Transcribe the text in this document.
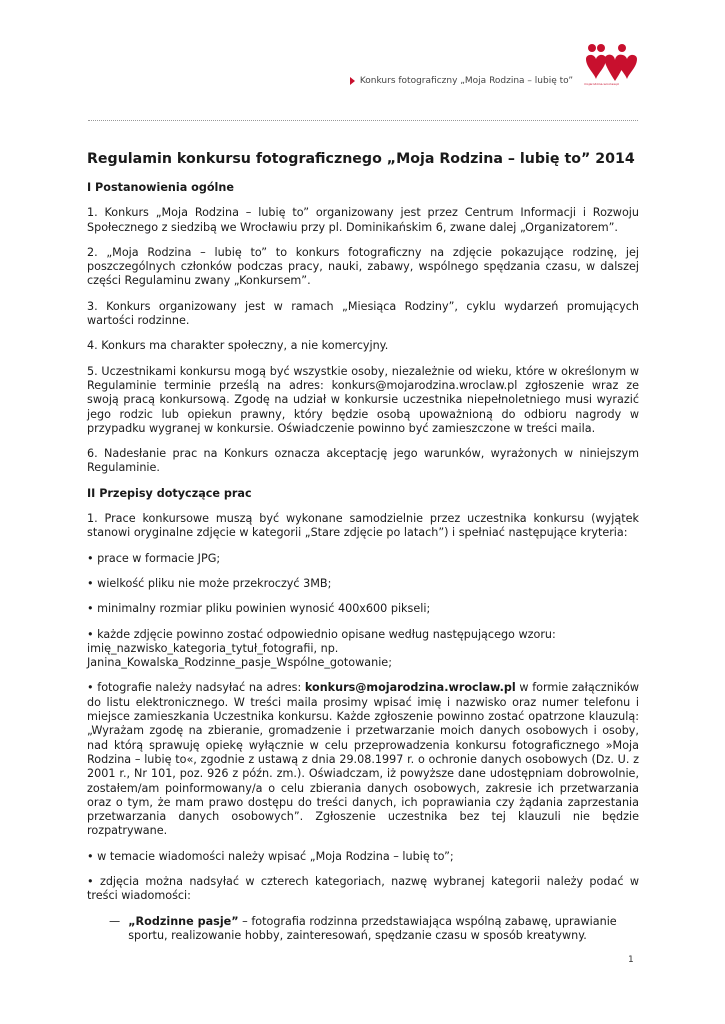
mojarodzina.wroclaw.pl
Konkurs fotograficzny „Moja Rodzina – lubię to”
Regulamin konkursu fotograficznego „Moja Rodzina – lubię to” 2014
I Postanowienia ogólne

1. Konkurs „Moja Rodzina – lubię to” organizowany jest przez Centrum Informacji i Rozwoju Społecznego z siedzibą we Wrocławiu przy pl. Dominikańskim 6, zwane dalej „Organizatorem”.

2. „Moja Rodzina – lubię to” to konkurs fotograficzny na zdjęcie pokazujące rodzinę, jej poszczególnych członków podczas pracy, nauki, zabawy, wspólnego spędzania czasu, w dalszej części Regulaminu zwany „Konkursem”.

3. Konkurs organizowany jest w ramach „Miesiąca Rodziny”, cyklu wydarzeń promujących wartości rodzinne.

4. Konkurs ma charakter społeczny, a nie komercyjny.

5. Uczestnikami konkursu mogą być wszystkie osoby, niezależnie od wieku, które w określonym w Regulaminie terminie prześlą na adres: konkurs@mojarodzina.wroclaw.pl zgłoszenie wraz ze swoją pracą konkursową. Zgodę na udział w konkursie uczestnika niepełnoletniego musi wyrazić jego rodzic lub opiekun prawny, który będzie osobą upoważnioną do odbioru nagrody w przypadku wygranej w konkursie. Oświadczenie powinno być zamieszczone w treści maila.

6. Nadesłanie prac na Konkurs oznacza akceptację jego warunków, wyrażonych w niniejszym Regulaminie.

II Przepisy dotyczące prac

1. Prace konkursowe muszą być wykonane samodzielnie przez uczestnika konkursu (wyjątek stanowi oryginalne zdjęcie w kategorii „Stare zdjęcie po latach”) i spełniać następujące kryteria:

• prace w formacie JPG;

• wielkość pliku nie może przekroczyć 3MB;

• minimalny rozmiar pliku powinien wynosić 400x600 pikseli;

• każde zdjęcie powinno zostać odpowiednio opisane według następującego wzoru:
imię_nazwisko_kategoria_tytuł_fotografii, np.
Janina_Kowalska_Rodzinne_pasje_Wspólne_gotowanie;

• fotografie należy nadsyłać na adres: konkurs@mojarodzina.wroclaw.pl w formie załączników do listu elektronicznego. W treści maila prosimy wpisać imię i nazwisko oraz numer telefonu i miejsce zamieszkania Uczestnika konkursu. Każde zgłoszenie powinno zostać opatrzone klauzulą: „Wyrażam zgodę na zbieranie, gromadzenie i przetwarzanie moich danych osobowych i osoby, nad którą sprawuję opiekę wyłącznie w celu przeprowadzenia konkursu fotograficznego »Moja Rodzina – lubię to«, zgodnie z ustawą z dnia 29.08.1997 r. o ochronie danych osobowych (Dz. U. z 2001 r., Nr 101, poz. 926 z późn. zm.). Oświadczam, iż powyższe dane udostępniam dobrowolnie, zostałem/am poinformowany/a o celu zbierania danych osobowych, zakresie ich przetwarzania oraz o tym, że mam prawo dostępu do treści danych, ich poprawiania czy żądania zaprzestania przetwarzania danych osobowych”. Zgłoszenie uczestnika bez tej klauzuli nie będzie rozpatrywane.

• w temacie wiadomości należy wpisać „Moja Rodzina – lubię to”;

• zdjęcia można nadsyłać w czterech kategoriach, nazwę wybranej kategorii należy podać w treści wiadomości:

— „Rodzinne pasje” – fotografia rodzinna przedstawiająca wspólną zabawę, uprawianie sportu, realizowanie hobby, zainteresowań, spędzanie czasu w sposób kreatywny.
1
